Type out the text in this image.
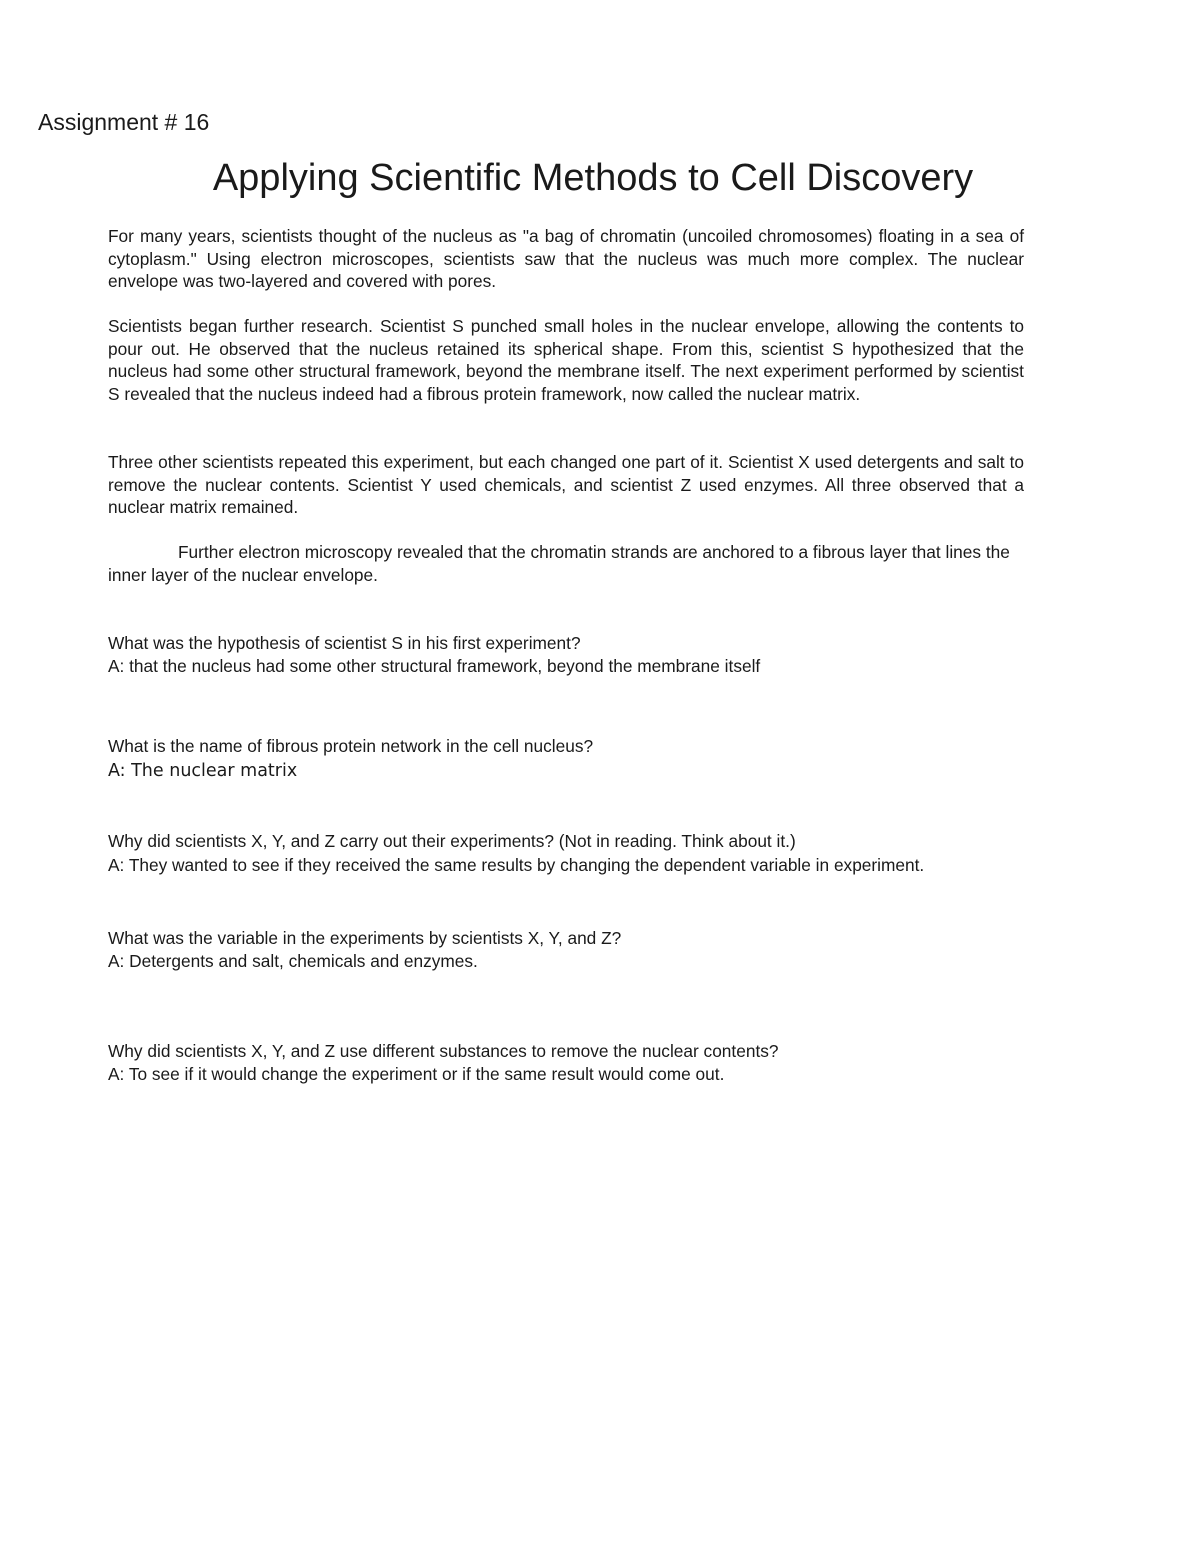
Assignment # 16
Applying Scientific Methods to Cell Discovery
For many years, scientists thought of the nucleus as "a bag of chromatin (uncoiled chromosomes) floating in a sea of cytoplasm." Using electron microscopes, scientists saw that the nucleus was much more complex. The nuclear envelope was two-layered and covered with pores.
Scientists began further research. Scientist S punched small holes in the nuclear envelope, allowing the contents to pour out. He observed that the nucleus retained its spherical shape. From this, scientist S hypothesized that the nucleus had some other structural framework, beyond the membrane itself. The next experiment performed by scientist S revealed that the nucleus indeed had a fibrous protein framework, now called the nuclear matrix.
Three other scientists repeated this experiment, but each changed one part of it. Scientist X used detergents and salt to remove the nuclear contents. Scientist Y used chemicals, and scientist Z used enzymes. All three observed that a nuclear matrix remained.
Further electron microscopy revealed that the chromatin strands are anchored to a fibrous layer that lines the inner layer of the nuclear envelope.
What was the hypothesis of scientist S in his first experiment?
A: that the nucleus had some other structural framework, beyond the membrane itself
What is the name of fibrous protein network in the cell nucleus?
A: The nuclear matrix
Why did scientists X, Y, and Z carry out their experiments? (Not in reading. Think about it.)
A: They wanted to see if they received the same results by changing the dependent variable in experiment.
What was the variable in the experiments by scientists X, Y, and Z?
A: Detergents and salt, chemicals and enzymes.
Why did scientists X, Y, and Z use different substances to remove the nuclear contents?
A: To see if it would change the experiment or if the same result would come out.
